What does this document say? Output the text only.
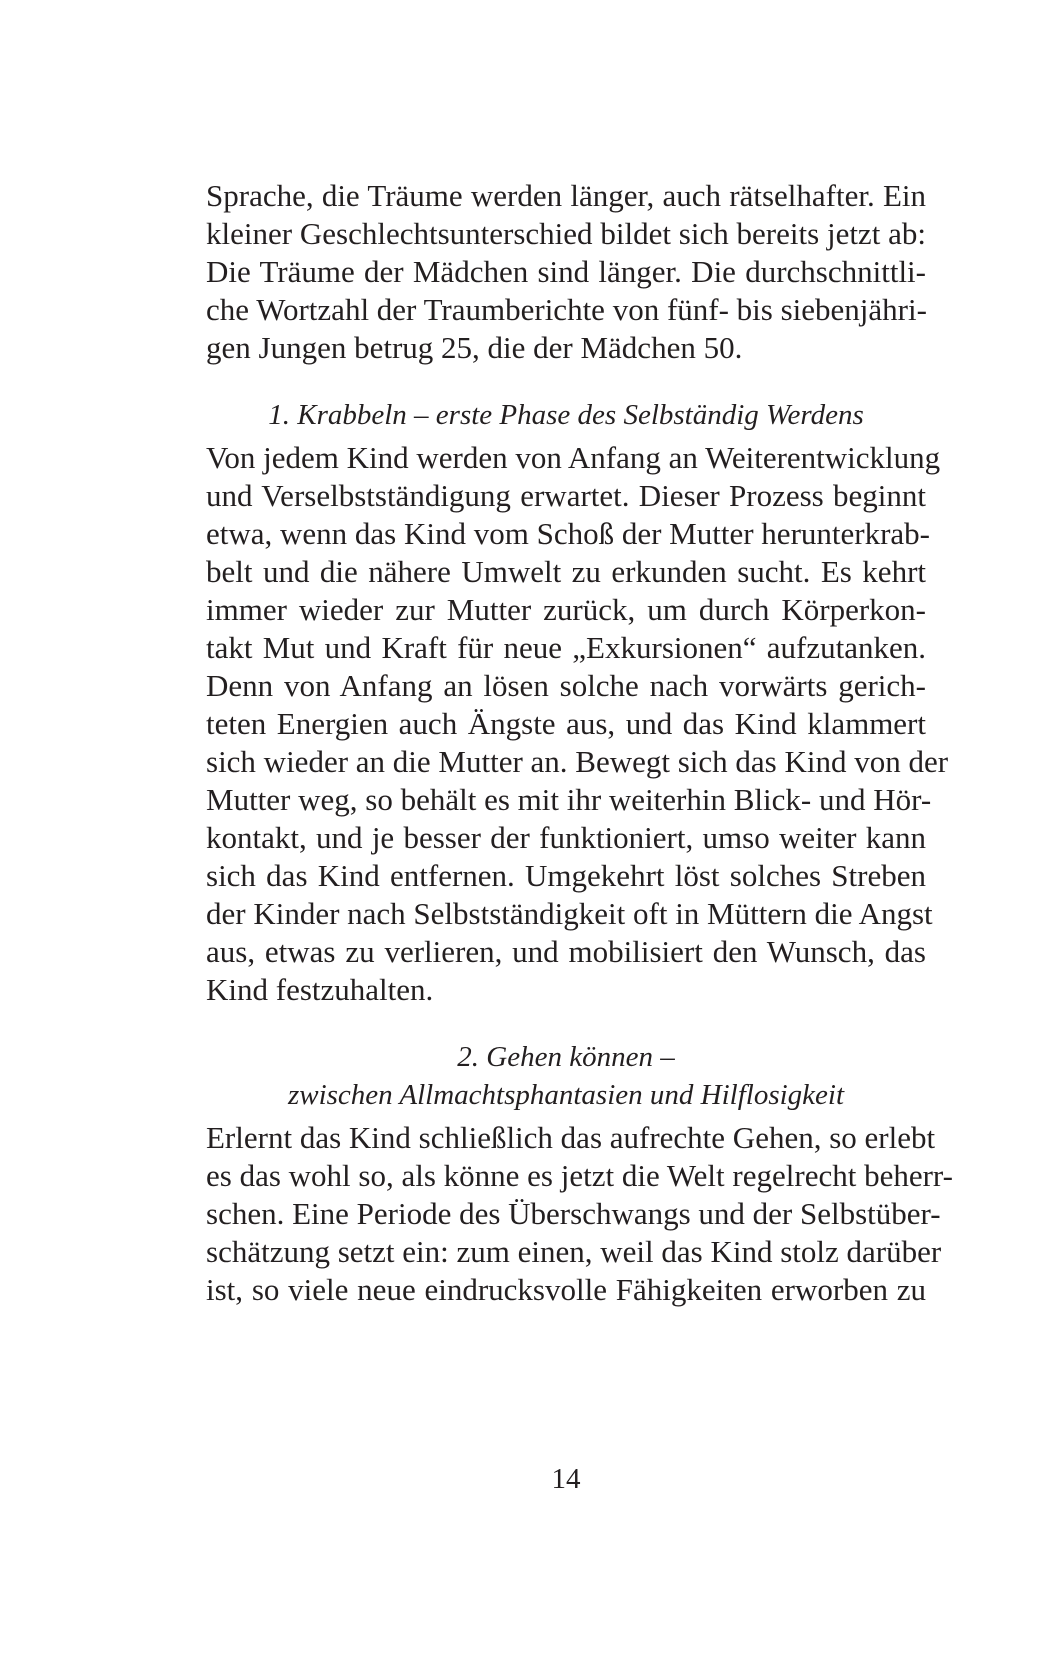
Sprache, die Träume werden länger, auch rätselhafter. Ein
kleiner Geschlechtsunterschied bildet sich bereits jetzt ab:
Die Träume der Mädchen sind länger. Die durchschnittli-
che Wortzahl der Traumberichte von fünf- bis siebenjähri-
gen Jungen betrug 25, die der Mädchen 50.
1. Krabbeln – erste Phase des Selbständig Werdens
Von jedem Kind werden von Anfang an Weiterentwicklung
und Verselbstständigung erwartet. Dieser Prozess beginnt
etwa, wenn das Kind vom Schoß der Mutter herunterkrab-
belt und die nähere Umwelt zu erkunden sucht. Es kehrt
immer wieder zur Mutter zurück, um durch Körperkon-
takt Mut und Kraft für neue „Exkursionen“ aufzutanken.
Denn von Anfang an lösen solche nach vorwärts gerich-
teten Energien auch Ängste aus, und das Kind klammert
sich wieder an die Mutter an. Bewegt sich das Kind von der
Mutter weg, so behält es mit ihr weiterhin Blick- und Hör-
kontakt, und je besser der funktioniert, umso weiter kann
sich das Kind entfernen. Umgekehrt löst solches Streben
der Kinder nach Selbstständigkeit oft in Müttern die Angst
aus, etwas zu verlieren, und mobilisiert den Wunsch, das
Kind festzuhalten.
2. Gehen können –
zwischen Allmachtsphantasien und Hilflosigkeit
Erlernt das Kind schließlich das aufrechte Gehen, so erlebt
es das wohl so, als könne es jetzt die Welt regelrecht beherr-
schen. Eine Periode des Überschwangs und der Selbstüber-
schätzung setzt ein: zum einen, weil das Kind stolz darüber
ist, so viele neue eindrucksvolle Fähigkeiten erworben zu
14
